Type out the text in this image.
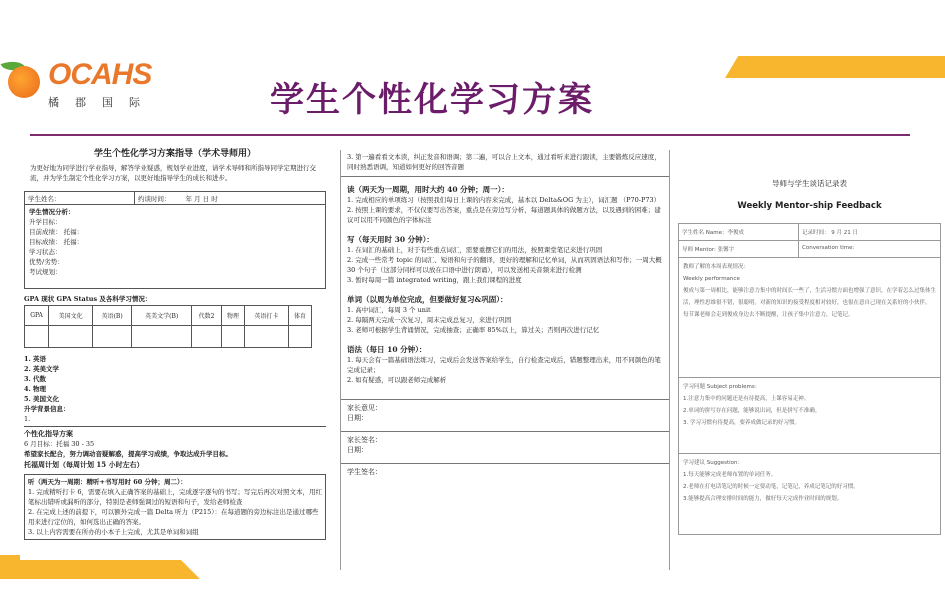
OCAHS
橘郡国际	学生个性化学习方案
学生个性化学习方案指导（学术导师用）
为更好地为同学进行学业指导，解答学业疑惑，规划学业进度，请学术导师和所指导同学定期进行交流，并为学生制定个性化学习方案，以更好地指导学生的成长和进步。
学生姓名：	约谈时间：	年 月 日 时
学生情况分析：
升学目标：
目前成绩： 托福：
目标成绩： 托福：
学习状态：
优势/劣势：
考试规划：
GPA 现状 GPA Status 及各科学习情况：
GPA	美国文化	英语(B)	英美文学(B)	代数2	物理	英语打卡	体育

1. 英语
2. 英美文学
3. 代数
4. 物理
5. 美国文化
升学背景信息：
1.
个性化指导方案
6 月目标：托福 30 - 35
希望家长配合，努力调动音疑解惑，提高学习成绩，争取达成升学目标。
托福周计划（每周计划 15 小时左右）
听（两天为一周期：精听+书写用时 60 分钟；周二）：
1. 完成精听打卡 6，需要在填入正确答案的基础上，完成逐字逐句的书写；写完后再次对照文本，用红笔标出错听或漏听的部分，特别是老师强调过的短语和句子，发给老师检查
2. 在完成上述的前提下，可以额外完成一篇 Delta 听力（P215）：在每道题的旁边标注出是通过哪些用来进行定位的，如何选出正确的答案。
3. 以上内容需要在所办的小本子上完成，尤其是单词和词组
3. 第一遍看看文本读，纠正发音和语调；第二遍，可以合上文本，通过看听来进行跟读，主要锻炼反应速度，同时熟悉语调，知道如何更好的回答音题
读（两天为一周期，用时大约 40 分钟；周一）：
1. 完成相应的单项练习（按照我们每日上课的内容来完成，基本以 Delta&OG 为主），词汇题 （P70-P73）
2. 按照上课的要求，不仅仅要写出答案，重点是在旁边写分析，每道题具体的做题方法，以及遇到的困难；建议可以用不同颜色的字体标注
写（每天用时 30 分钟）：
1. 在词汇的基础上，对于有些重点词汇，需要重摆它们的用法，按照课堂笔记来进行巩固
2. 完成一些常考 topic 的词汇、短语和句子的翻译，更好的理解和记忆单词，从而巩固语法和写作；一周大概 30 个句子（这部分同样可以放在口语中进行朗诵），可以发送相关音频来进行检测
3. 暂时每周一篇 integrated writing，跟上我们课程的进度
单词（以周为单位完成，但要做好复习&巩固）：
1. 高中词汇，每周 3 个 unit
2. 每隔两天完成一次复习，周末完成总复习，来进行巩固
3. 老师可根据学生背诵情况，完成抽查；正确率 85%以上，算过关；否则再次进行记忆
语法（每日 10 分钟）：
1. 每天会有一篇基础语法练习，完成后会发送答案给学生，自行检查完成后，错题整理出来，用不同颜色的笔完成记录；
2. 如有疑惑，可以跟老师完成解析
家长意见：
日期：
家长签名：
日期：
学生签名：
导师与学生谈话记录表
Weekly Mentor-ship Feedback
学生姓名 Name：李俊成	记录时间： 9 月 21 日
导师 Mentor: 张馨宇	Conversation time:
教师了解的本周表现情况：
Weekly performance
俊成与第一周相比，能够注意力集中的时间长一些了，生活习惯方面也增强了意识，在学着怎么过集体生活，理性思维很不错，很聪明。对新的知识的接受程度相对较好，也很在意自己现在关系好的小伙伴。
每节课老师会走到俊成身边去不断提醒，让孩子集中注意力，记笔记。
学习问题 Subject problems：
1.注意力集中的问题还是有待提高，上课容易走神。
2.单词的拼写存在问题，能够说出词，但是拼写不准确。
3. 学习习惯有待提高，要养成做记录的好习惯。
学习建议 Suggestion：
1.每天能够完成老师布置的单词任务。
2.老师在打电话笔记的时候一定要动笔，记笔记，养成记笔记的好习惯。
3.能够提高合理安排时间的能力，做好每天完成作业时间的规划。
